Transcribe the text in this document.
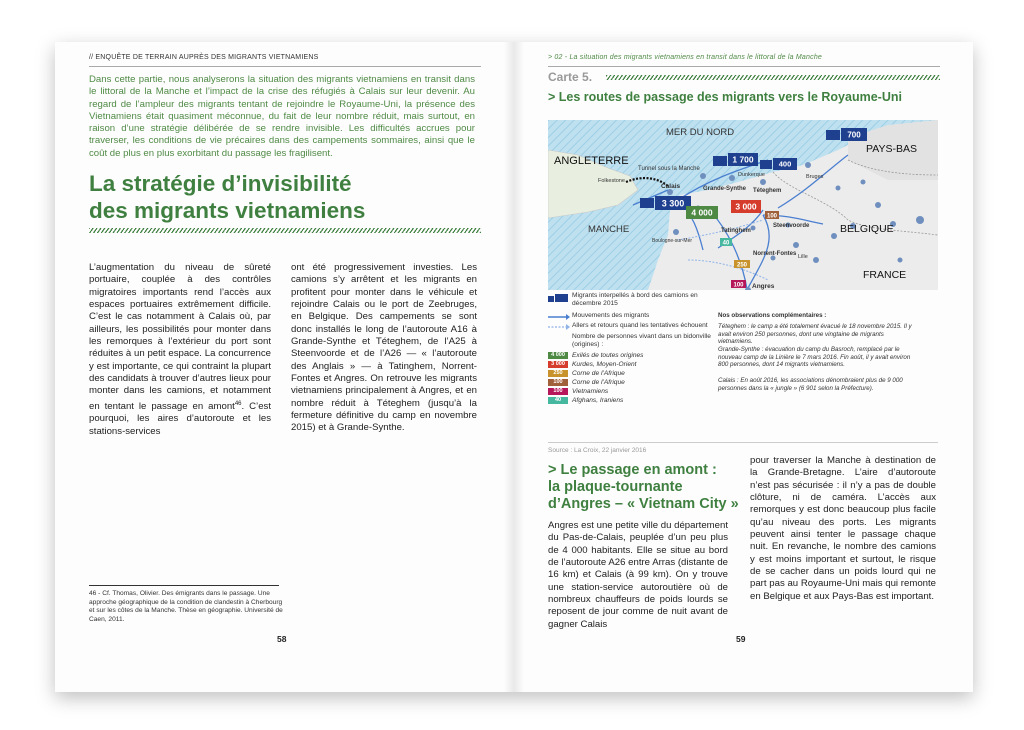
// ENQUÊTE DE TERRAIN AUPRÈS DES MIGRANTS VIETNAMIENS

Dans cette partie, nous analyserons la situation des migrants vietnamiens en transit dans le littoral de la Manche et l’impact de la crise des réfugiés à Calais sur leur devenir. Au regard de l’ampleur des migrants tentant de rejoindre le Royaume-Uni, la présence des Vietnamiens était quasiment méconnue, du fait de leur nombre réduit, mais surtout, en raison d’une stratégie délibérée de se rendre invisible. Les difficultés accrues pour traverser, les conditions de vie précaires dans des campements sommaires, ainsi que le coût de plus en plus exorbitant du passage les fragilisent.

La stratégie d’invisibilité
des migrants vietnamiens

L’augmentation du niveau de sûreté portuaire, couplée à des contrôles migratoires importants rend l’accès aux espaces portuaires extrêmement difficile. C’est le cas notamment à Calais où, par ailleurs, les possibilités pour monter dans les remorques à l’extérieur du port sont réduites à un petit espace. La concurrence y est importante, ce qui contraint la plupart des candidats à trouver d’autres lieux pour monter dans les camions, et notamment en tentant le passage en amont$^{46}$. C’est pourquoi, les aires d’autoroute et les stations-services

ont été progressivement investies. Les camions s’y arrêtent et les migrants en profitent pour monter dans le véhicule et rejoindre Calais ou le port de Zeebruges, en Belgique. Des campements se sont donc installés le long de l’autoroute A16 à Grande-Synthe et Téteghem, de l’A25 à Steenvoorde et de l’A26 — « l’autoroute des Anglais » — à Tatinghem, Norrent-Fontes et Angres. On retrouve les migrants vietnamiens principalement à Angres, et en nombre réduit à Téteghem (jusqu’à la fermeture définitive du camp en novembre 2015) et à Grande-Synthe.

46 - Cf. Thomas, Olivier. Des émigrants dans le passage. Une approche géographique de la condition de clandestin à Cherbourg et sur les côtes de la Manche. Thèse en géographie. Université de Caen, 2011.

58
> 02 - La situation des migrants vietnamiens en transit dans le littoral de la Manche
Carte 5.
> Les routes de passage des migrants vers le Royaume-Uni
3 300
1 700	400
700
4 000
3 000
100
250
40
100
MER DU NORD
MANCHE
ANGLETERRE
PAYS-BAS
BELGIQUE
FRANCE
Tunnel sous la Manche
Folkestone
Calais	Grande-Synthe
Dunkerque
Téteghem
Steenvoorde
Tatinghem
Norrent-Fontes
Angres
Boulogne-sur-Mer
Lille
Bruges
Migrants interpellés à bord des camions en décembre 2015
Mouvements des migrants
Allers et retours quand les tentatives échouent
Nombre de personnes vivant dans un bidonville (origines) :
4 000	Exilés de toutes origines
3 000	Kurdes, Moyen-Orient
250	Corne de l’Afrique
100	Corne de l’Afrique
100	Vietnamiens
40	Afghans, Iraniens
Nos observations complémentaires :

Téteghem : le camp a été totalement évacué le 18 novembre 2015. Il y avait environ 250 personnes, dont une vingtaine de migrants vietnamiens.

Grande-Synthe : évacuation du camp du Basroch, remplacé par le nouveau camp de la Linière le 7 mars 2016. Fin août, il y avait environ 800 personnes, dont 14 migrants vietnamiens.

Calais : En août 2016, les associations dénombraient plus de 9 000 personnes dans la « jungle » (6 901 selon la Préfecture).

Source : La Croix, 22 janvier 2016
> Le passage en amont :
la plaque-tournante
d’Angres – « Vietnam City »

Angres est une petite ville du département du Pas-de-Calais, peuplée d’un peu plus de 4 000 habitants. Elle se situe au bord de l’autoroute A26 entre Arras (distante de 16 km) et Calais (à 99 km). On y trouve une station-service autoroutière où de nombreux chauffeurs de poids lourds se reposent de jour comme de nuit avant de gagner Calais

pour traverser la Manche à destination de la Grande-Bretagne. L’aire d’autoroute n’est pas sécurisée : il n’y a pas de double clôture, ni de caméra. L’accès aux remorques y est donc beaucoup plus facile qu’au niveau des ports. Les migrants peuvent ainsi tenter le passage chaque nuit. En revanche, le nombre des camions y est moins important et surtout, le risque de se cacher dans un poids lourd qui ne part pas au Royaume-Uni mais qui remonte en Belgique et aux Pays-Bas est important.

59
